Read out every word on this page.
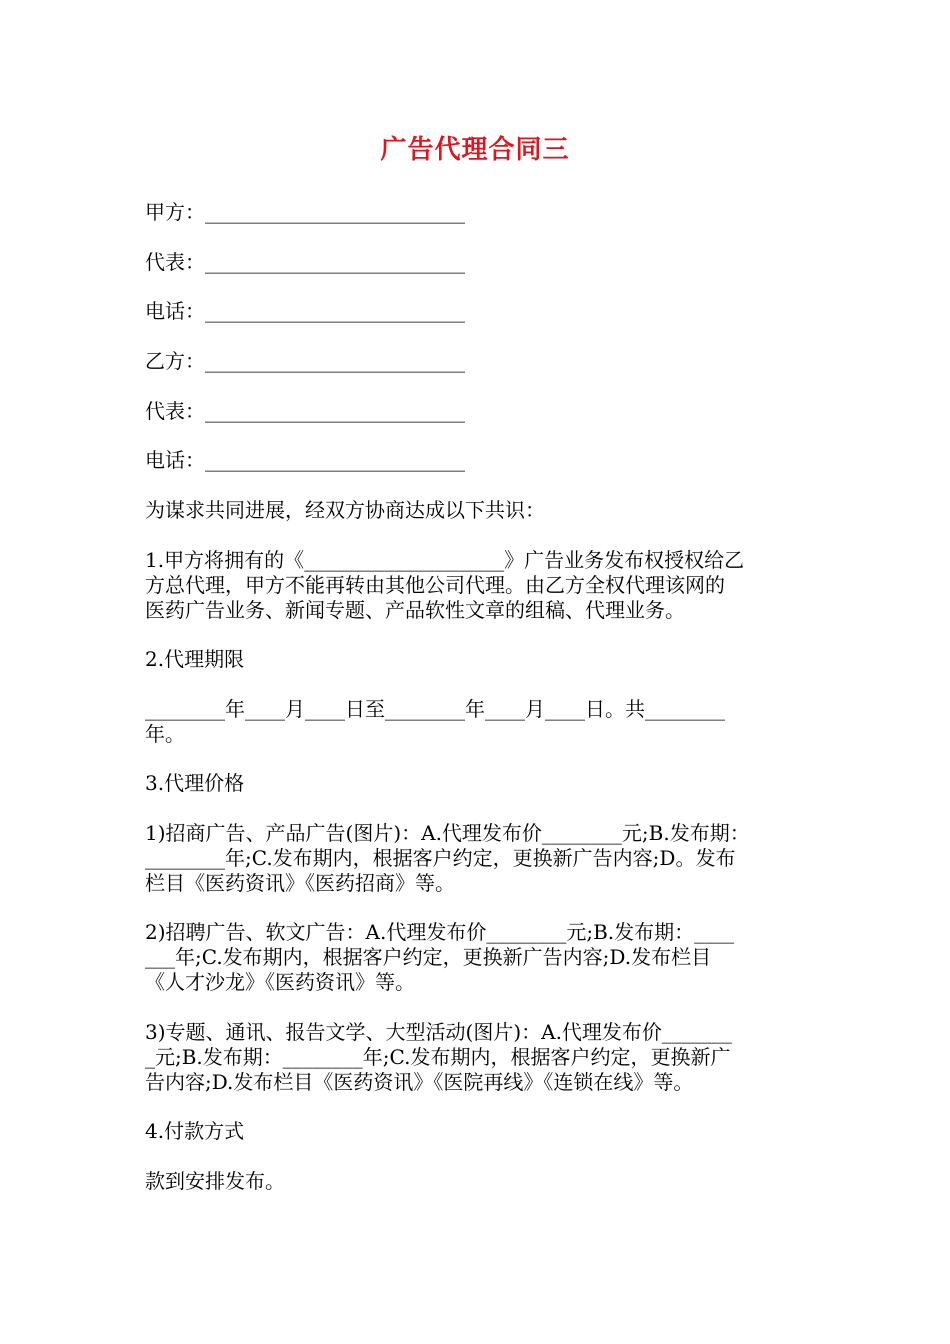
广告代理合同三

甲方：__________________________

代表：__________________________

电话：__________________________

乙方：__________________________

代表：__________________________

电话：__________________________

为谋求共同进展，经双方协商达成以下共识：

1.甲方将拥有的《____________________》广告业务发布权授权给乙
方总代理，甲方不能再转由其他公司代理。由乙方全权代理该网的
医药广告业务、新闻专题、产品软性文章的组稿、代理业务。

2.代理期限

________年____月____日至________年____月____日。共________
年。

3.代理价格

1)招商广告、产品广告(图片)：A.代理发布价________元;B.发布期：
________年;C.发布期内，根据客户约定，更换新广告内容;D。发布
栏目《医药资讯》《医药招商》等。
2)招聘广告、软文广告：A.代理发布价________元;B.发布期：____
___年;C.发布期内，根据客户约定，更换新广告内容;D.发布栏目
《人才沙龙》《医药资讯》等。
3)专题、通讯、报告文学、大型活动(图片)：A.代理发布价_______
_元;B.发布期：________年;C.发布期内，根据客户约定，更换新广
告内容;D.发布栏目《医药资讯》《医院再线》《连锁在线》等。

4.付款方式

款到安排发布。
